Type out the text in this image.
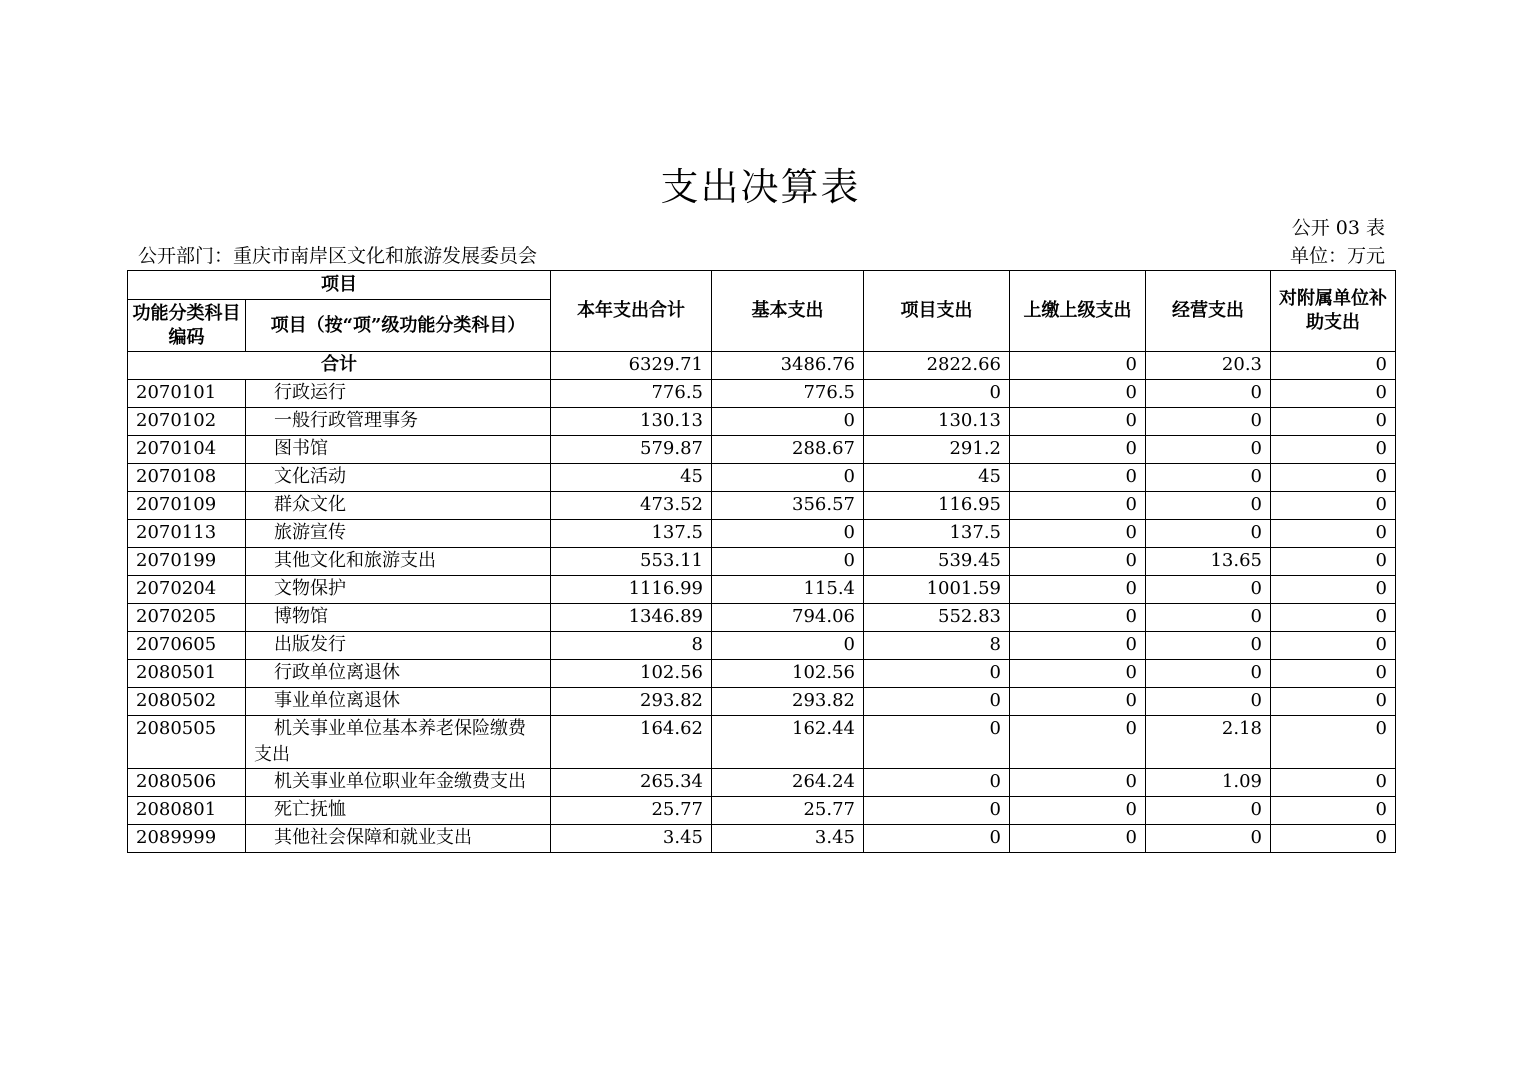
支出决算表
公开 03 表
公开部门：重庆市南岸区文化和旅游发展委员会	单位：万元
项目		本年支出合计	基本支出	项目支出	上缴上级支出	经营支出	对附属单位补助支出
功能分类科目编码	项目（按“项”级功能分类科目）						
合计		6329.71	3486.76	2822.66	0	20.3	0
2070101	行政运行	776.5	776.5	0	0	0	0
2070102	一般行政管理事务	130.13	0	130.13	0	0	0
2070104	图书馆	579.87	288.67	291.2	0	0	0
2070108	文化活动	45	0	45	0	0	0
2070109	群众文化	473.52	356.57	116.95	0	0	0
2070113	旅游宣传	137.5	0	137.5	0	0	0
2070199	其他文化和旅游支出	553.11	0	539.45	0	13.65	0
2070204	文物保护	1116.99	115.4	1001.59	0	0	0
2070205	博物馆	1346.89	794.06	552.83	0	0	0
2070605	出版发行	8	0	8	0	0	0
2080501	行政单位离退休	102.56	102.56	0	0	0	0
2080502	事业单位离退休	293.82	293.82	0	0	0	0
2080505	机关事业单位基本养老保险缴费支出	164.62	162.44	0	0	2.18	0
2080506	机关事业单位职业年金缴费支出	265.34	264.24	0	0	1.09	0
2080801	死亡抚恤	25.77	25.77	0	0	0	0
2089999	其他社会保障和就业支出	3.45	3.45	0	0	0	0
